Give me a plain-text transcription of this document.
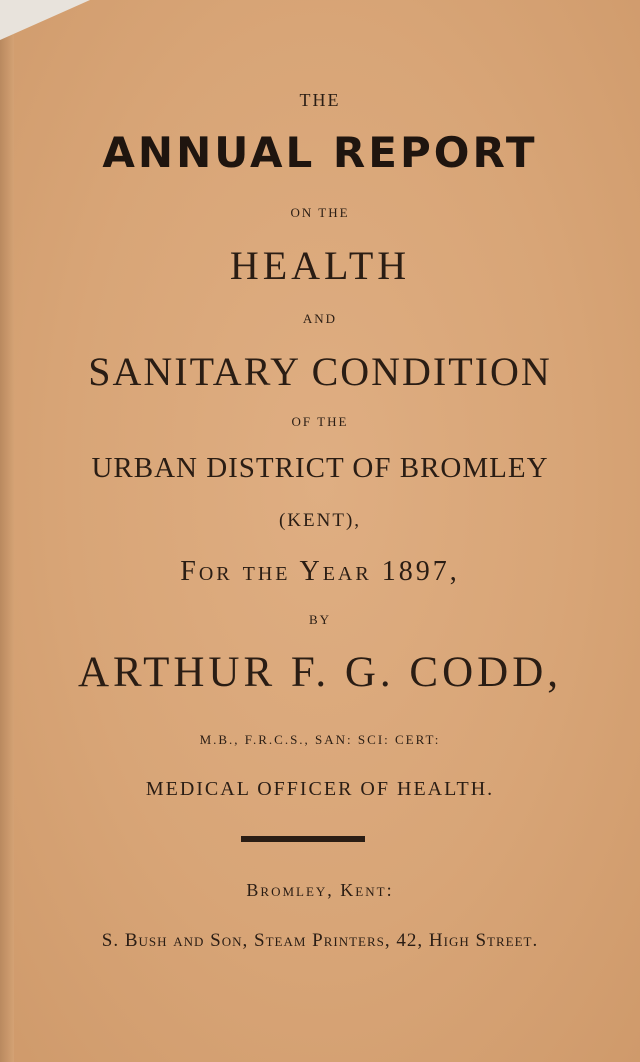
THE
ANNUAL REPORT
ON THE
HEALTH
AND
SANITARY CONDITION
OF THE
URBAN DISTRICT OF BROMLEY
(KENT),
For the Year 1897,
BY
ARTHUR F. G. CODD,
M.B., F.R.C.S., SAN: SCI: CERT:
MEDICAL OFFICER OF HEALTH.
Bromley, Kent:
S. Bush and Son, Steam Printers, 42, High Street.
